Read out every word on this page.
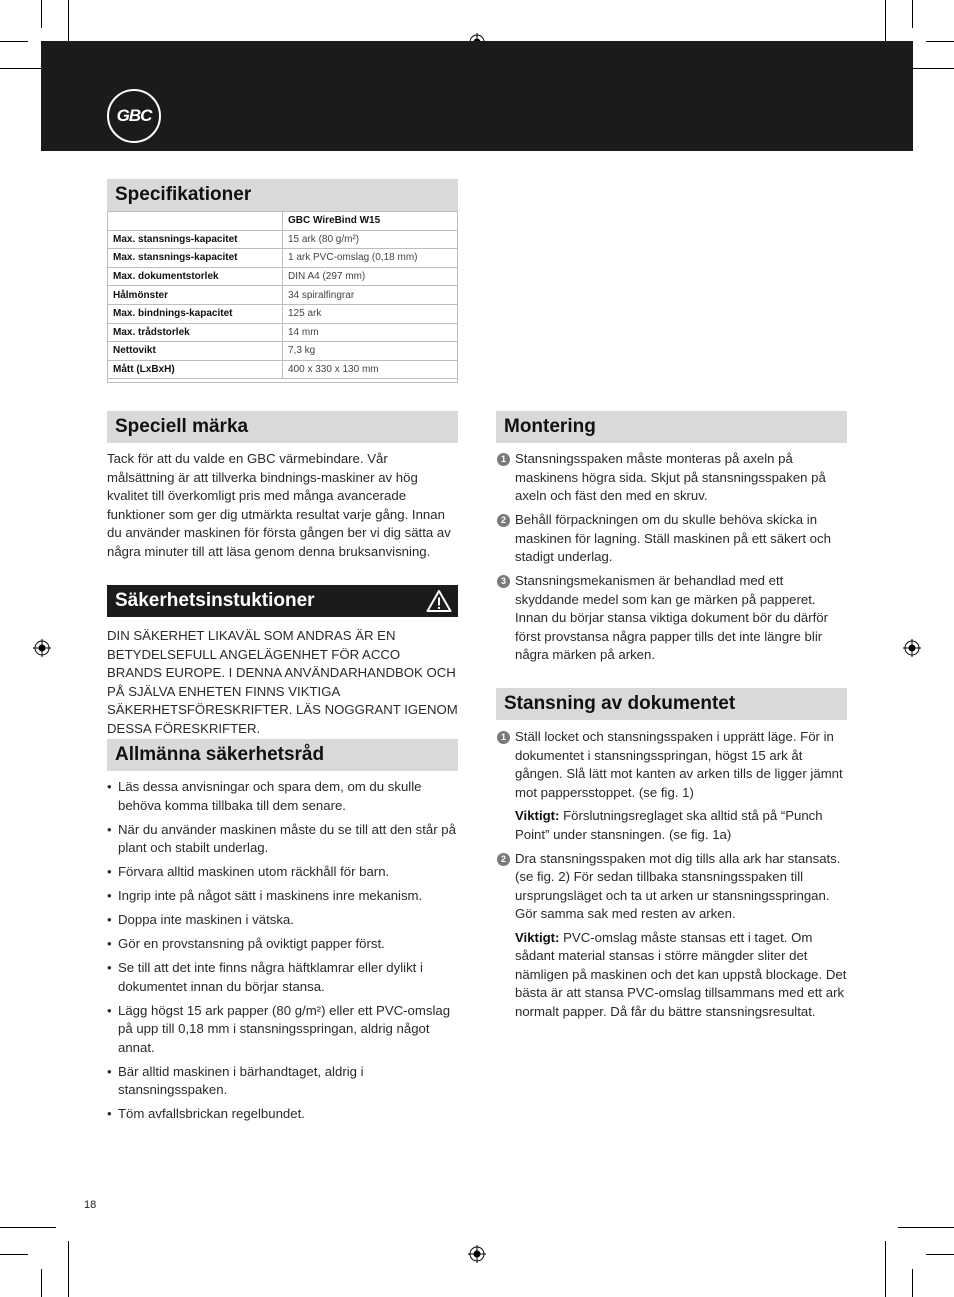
GBC
Specifikationer
	GBC WireBind W15
Max. stansnings-kapacitet	15 ark (80 g/m²)
Max. stansnings-kapacitet	1 ark PVC-omslag (0,18 mm)
Max. dokumentstorlek	DIN A4 (297 mm)
Hålmönster	34 spiralfingrar
Max. bindnings-kapacitet	125 ark
Max. trådstorlek	14 mm
Nettovikt	7,3 kg
Mått (LxBxH)	400 x 330 x 130 mm
Speciell märka
Tack för att du valde en GBC värmebindare. Vår målsättning är att tillverka bindnings-maskiner av hög kvalitet till överkomligt pris med många avancerade funktioner som ger dig utmärkta resultat varje gång. Innan du använder maskinen för första gången ber vi dig sätta av några minuter till att läsa genom denna bruksanvisning.
Säkerhetsinstuktioner
DIN SÄKERHET LIKAVÄL SOM ANDRAS ÄR EN BETYDELSEFULL ANGELÄGENHET FÖR ACCO BRANDS EUROPE. I DENNA ANVÄNDARHANDBOK OCH PÅ SJÄLVA ENHETEN FINNS VIKTIGA SÄKERHETSFÖRESKRIFTER. LÄS NOGGRANT IGENOM DESSA FÖRESKRIFTER.
Allmänna säkerhetsråd
• Läs dessa anvisningar och spara dem, om du skulle behöva komma tillbaka till dem senare.
• När du använder maskinen måste du se till att den står på plant och stabilt underlag.
• Förvara alltid maskinen utom räckhåll för barn.
• Ingrip inte på något sätt i maskinens inre mekanism.
• Doppa inte maskinen i vätska.
• Gör en provstansning på oviktigt papper först.
• Se till att det inte finns några häftklamrar eller dylikt i dokumentet innan du börjar stansa.
• Lägg högst 15 ark papper (80 g/m²) eller ett PVC-omslag på upp till 0,18 mm i stansningsspringan, aldrig något annat.
• Bär alltid maskinen i bärhandtaget, aldrig i stansningsspaken.
• Töm avfallsbrickan regelbundet.
Montering
1 Stansningsspaken måste monteras på axeln på maskinens högra sida. Skjut på stansningsspaken på axeln och fäst den med en skruv.
2 Behåll förpackningen om du skulle behöva skicka in maskinen för lagning. Ställ maskinen på ett säkert och stadigt underlag.
3 Stansningsmekanismen är behandlad med ett skyddande medel som kan ge märken på papperet. Innan du börjar stansa viktiga dokument bör du därför först provstansa några papper tills det inte längre blir några märken på arken.
Stansning av dokumentet
1 Ställ locket och stansningsspaken i upprätt läge. För in dokumentet i stansningsspringan, högst 15 ark åt gången. Slå lätt mot kanten av arken tills de ligger jämnt mot pappersstoppet. (se fig. 1)
Viktigt: Förslutningsreglaget ska alltid stå på “Punch Point” under stansningen. (se fig. 1a)
2 Dra stansningsspaken mot dig tills alla ark har stansats. (se fig. 2) För sedan tillbaka stansningsspaken till ursprungsläget och ta ut arken ur stansningsspringan. Gör samma sak med resten av arken.
Viktigt: PVC-omslag måste stansas ett i taget. Om sådant material stansas i större mängder sliter det nämligen på maskinen och det kan uppstå blockage. Det bästa är att stansa PVC-omslag tillsammans med ett ark normalt papper. Då får du bättre stansningsresultat.
18
